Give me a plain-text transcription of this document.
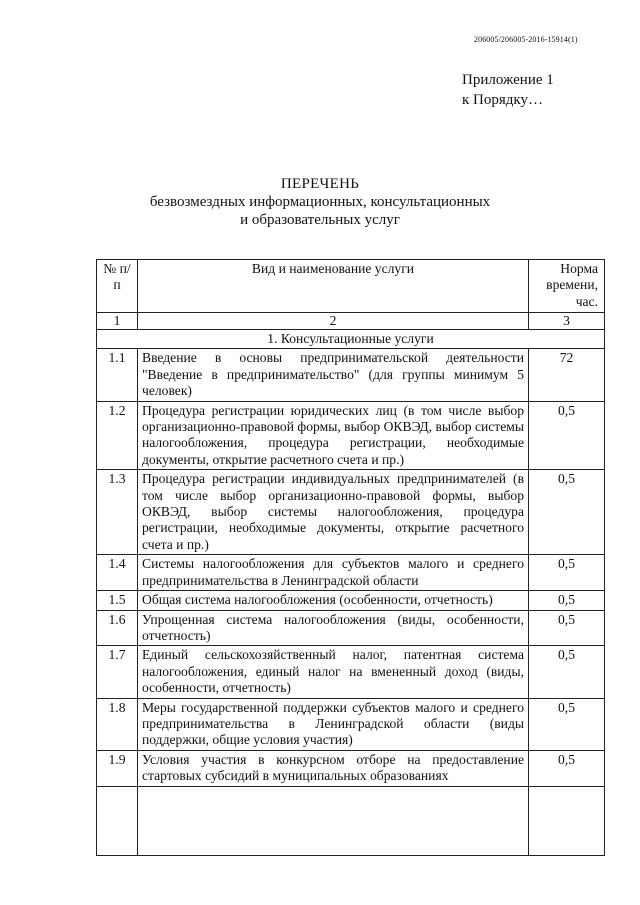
206005/206005-2016-15914(1)
Приложение 1
к Порядку…
ПЕРЕЧЕНЬ
безвозмездных информационных, консультационных
и образовательных услуг
№ п/п	Вид и наименование услуги	Норма времени, час.
1	2	3
1. Консультационные услуги		
1.1	Введение в основы предпринимательской деятельности "Введение в предпринимательство" (для группы минимум 5 человек)	72
1.2	Процедура регистрации юридических лиц (в том числе выбор организационно-правовой формы, выбор ОКВЭД, выбор системы налогообложения, процедура регистрации, необходимые документы, открытие расчетного счета и пр.)	0,5
1.3	Процедура регистрации индивидуальных предпринимателей (в том числе выбор организационно-правовой формы, выбор ОКВЭД, выбор системы налогообложения, процедура регистрации, необходимые документы, открытие расчетного счета и пр.)	0,5
1.4	Системы налогообложения для субъектов малого и среднего предпринимательства в Ленинградской области	0,5
1.5	Общая система налогообложения (особенности, отчетность)	0,5
1.6	Упрощенная система налогообложения (виды, особенности, отчетность)	0,5
1.7	Единый сельскохозяйственный налог, патентная система налогообложения, единый налог на вмененный доход (виды, особенности, отчетность)	0,5
1.8	Меры государственной поддержки субъектов малого и среднего предпринимательства в Ленинградской области (виды поддержки, общие условия участия)	0,5
1.9	Условия участия в конкурсном отборе на предоставление стартовых субсидий в муниципальных образованиях	0,5
